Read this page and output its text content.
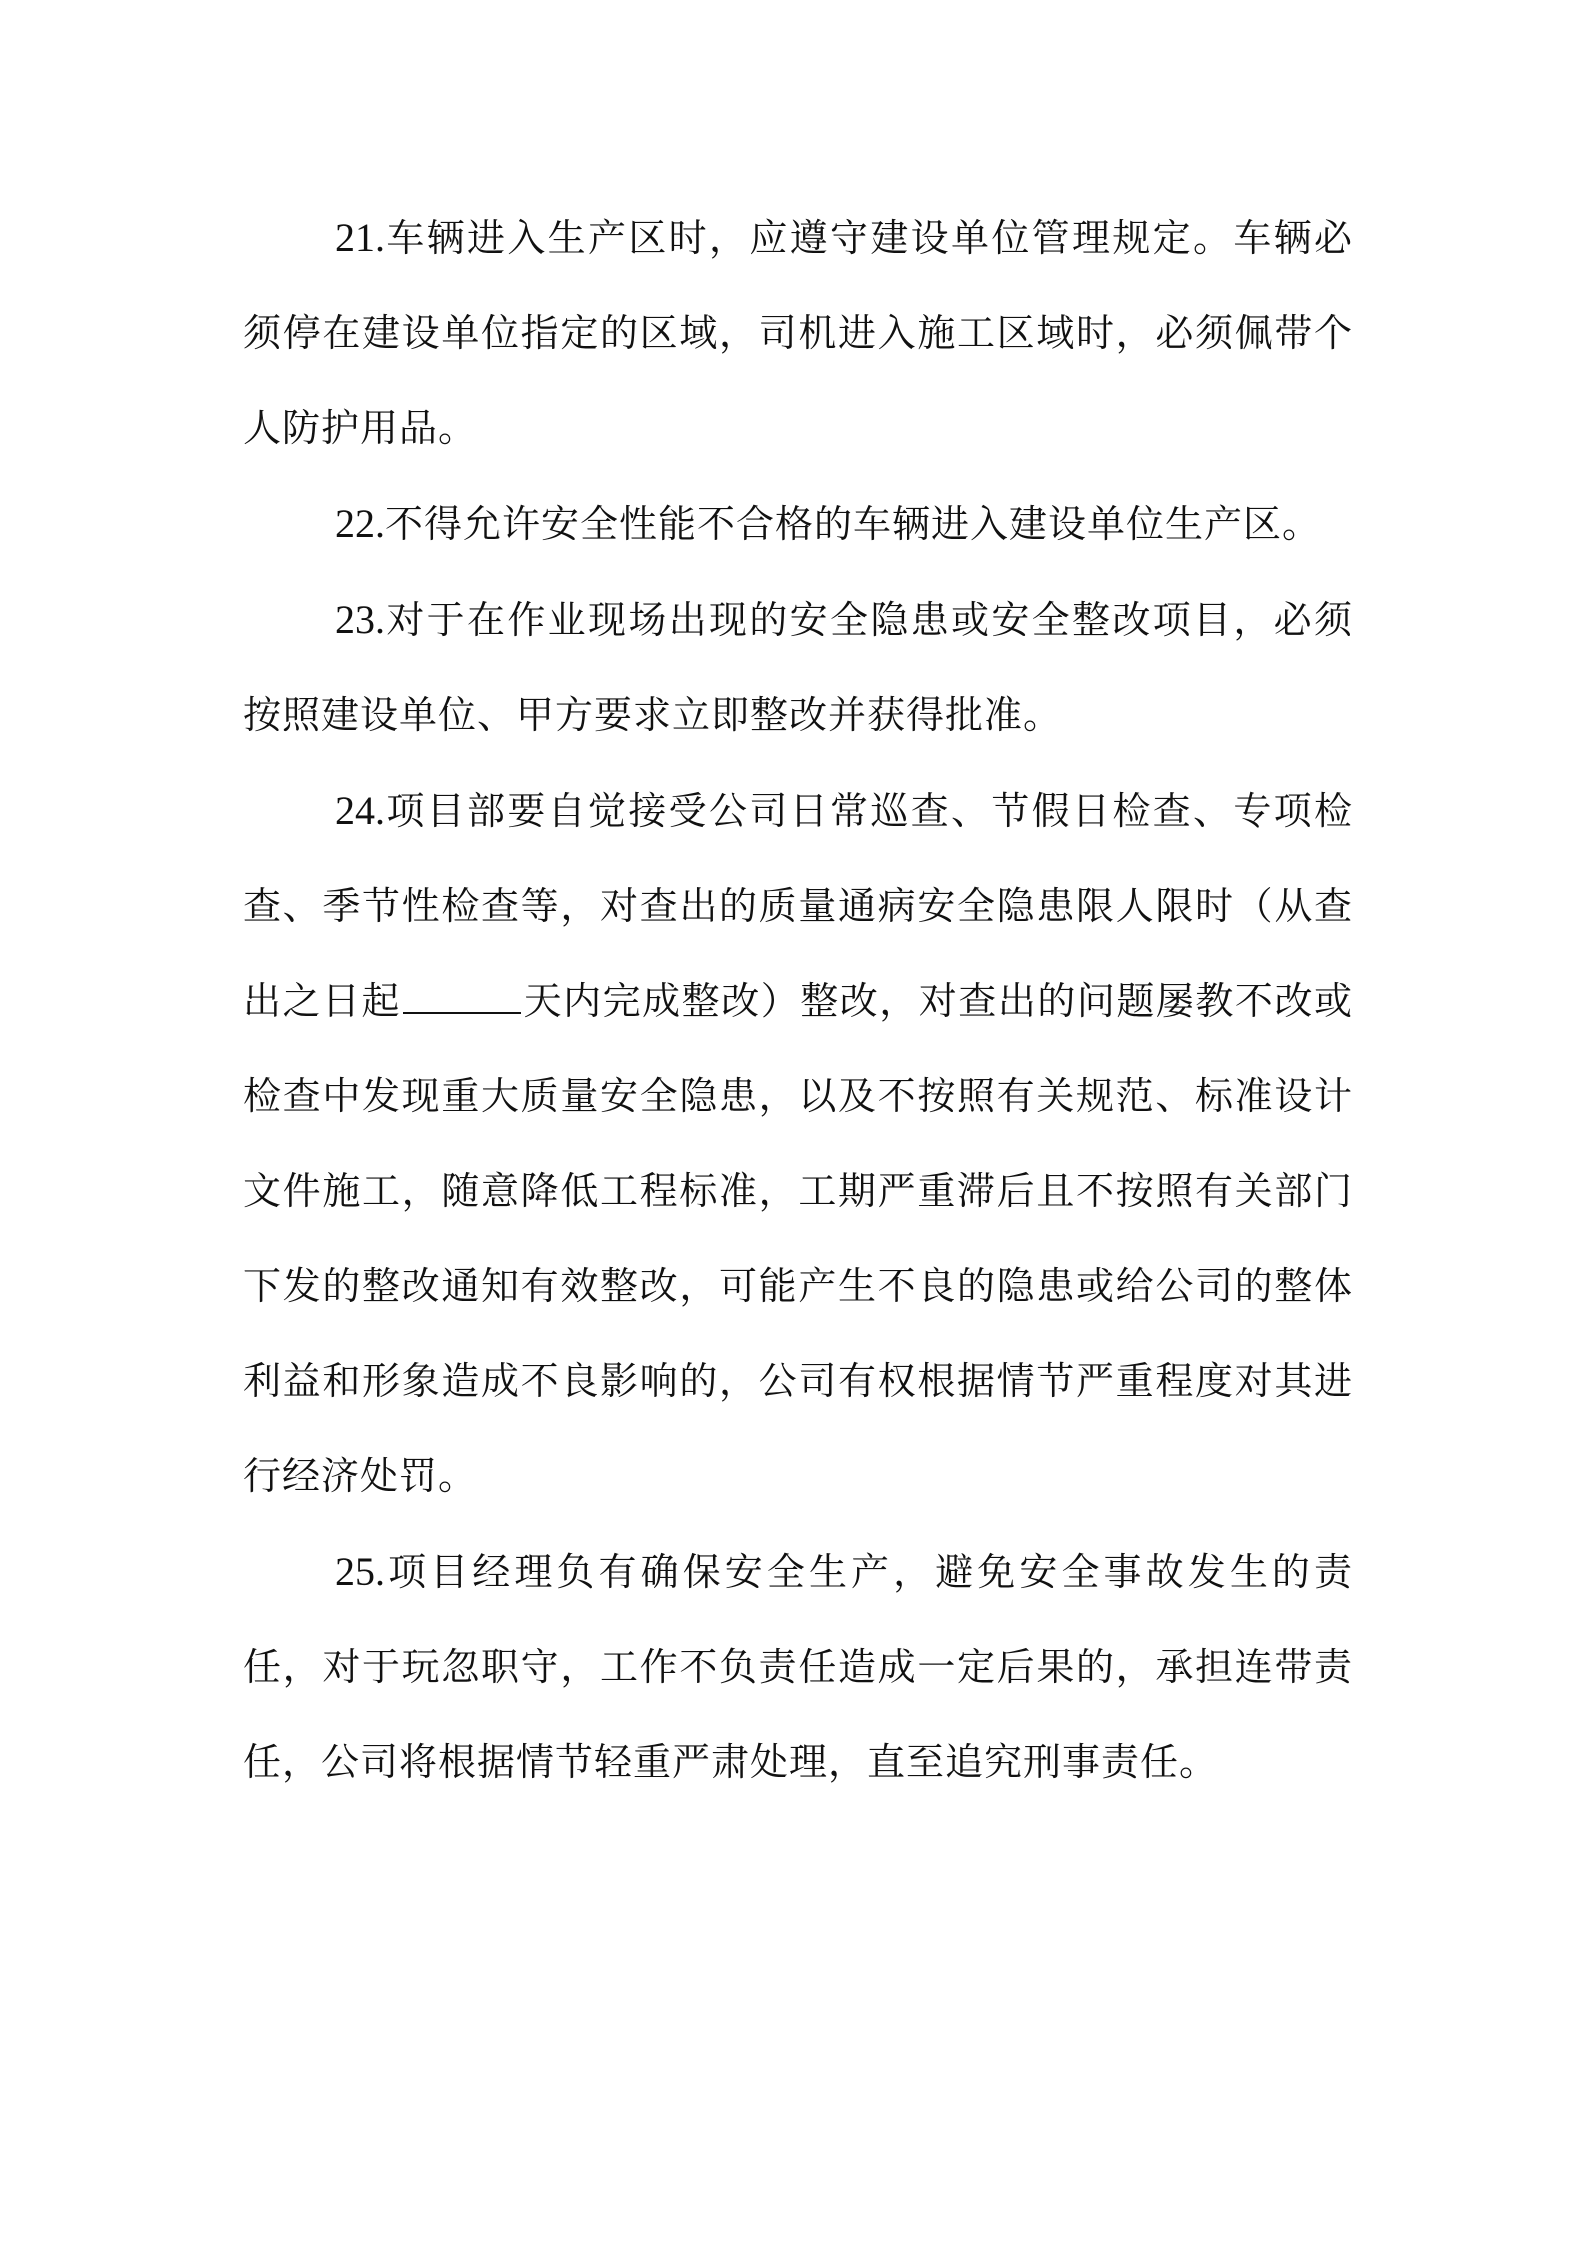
21.车辆进入生产区时，应遵守建设单位管理规定。车辆必须停在建设单位指定的区域，司机进入施工区域时，必须佩带个人防护用品。

22.不得允许安全性能不合格的车辆进入建设单位生产区。

23.对于在作业现场出现的安全隐患或安全整改项目，必须按照建设单位、甲方要求立即整改并获得批准。

24.项目部要自觉接受公司日常巡查、节假日检查、专项检查、季节性检查等，对查出的质量通病安全隐患限人限时（从查出之日起	天内完成整改）整改，对查出的问题屡教不改或检查中发现重大质量安全隐患，以及不按照有关规范、标准设计文件施工，随意降低工程标准，工期严重滞后且不按照有关部门下发的整改通知有效整改，可能产生不良的隐患或给公司的整体利益和形象造成不良影响的，公司有权根据情节严重程度对其进行经济处罚。

25.项目经理负有确保安全生产，避免安全事故发生的责任，对于玩忽职守，工作不负责任造成一定后果的，承担连带责任，公司将根据情节轻重严肃处理，直至追究刑事责任。
